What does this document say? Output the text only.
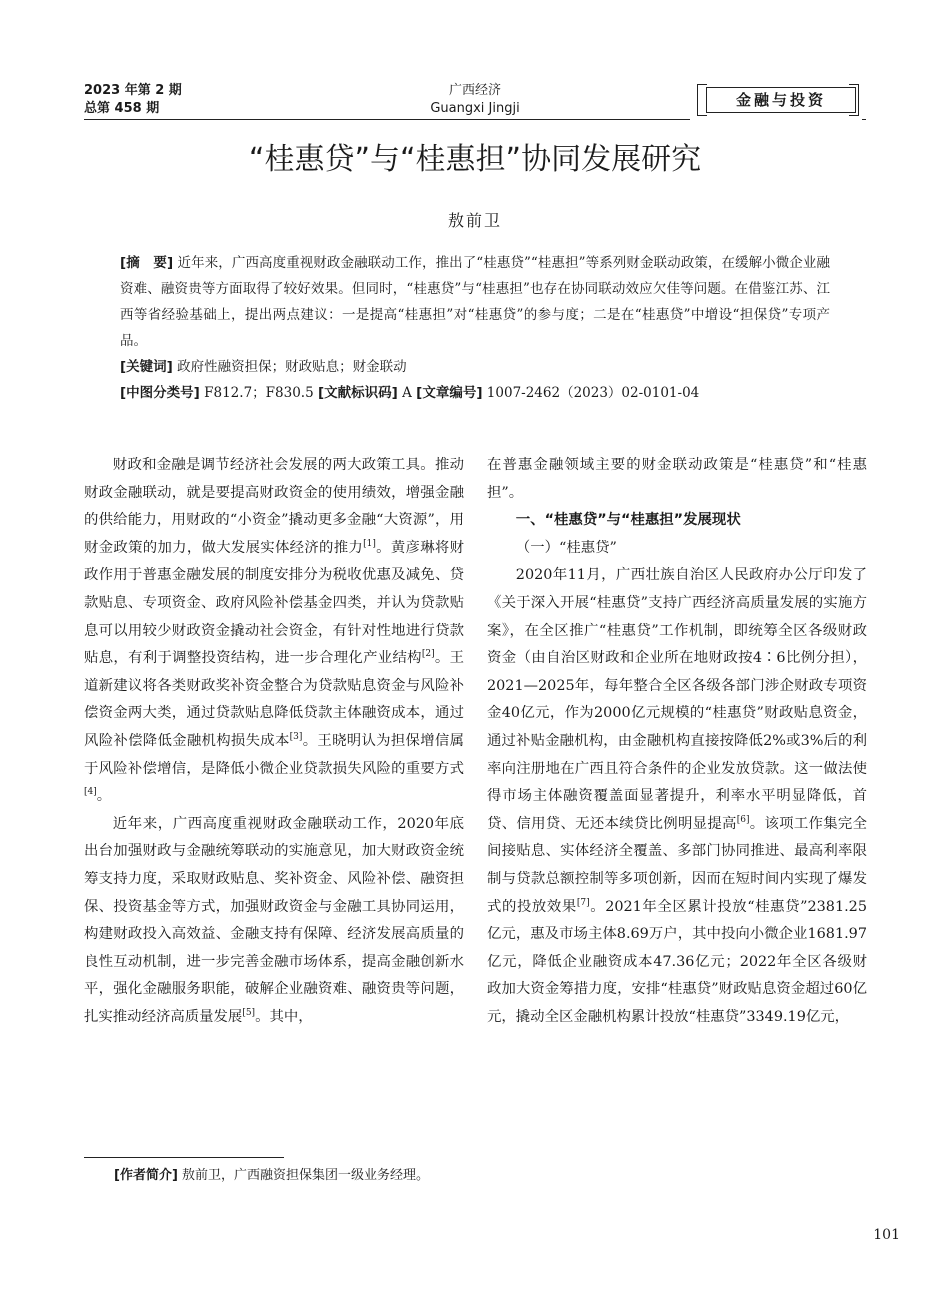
2023 年第 2 期
总第 458 期
广西经济
Guangxi Jingji	金融与投资
“桂惠贷”与“桂惠担”协同发展研究
敖前卫

[摘　要] 近年来，广西高度重视财政金融联动工作，推出了“桂惠贷”“桂惠担”等系列财金联动政策，在缓解小微企业融资难、融资贵等方面取得了较好效果。但同时，“桂惠贷”与“桂惠担”也存在协同联动效应欠佳等问题。在借鉴江苏、江西等省经验基础上，提出两点建议：一是提高“桂惠担”对“桂惠贷”的参与度；二是在“桂惠贷”中增设“担保贷”专项产品。

[关键词] 政府性融资担保；财政贴息；财金联动

[中图分类号] F812.7；F830.5 [文献标识码] A [文章编号] 1007-2462（2023）02-0101-04

财政和金融是调节经济社会发展的两大政策工具。推动财政金融联动，就是要提高财政资金的使用绩效，增强金融的供给能力，用财政的“小资金”撬动更多金融“大资源”，用财金政策的加力，做大发展实体经济的推力[1]。黄彦琳将财政作用于普惠金融发展的制度安排分为税收优惠及减免、贷款贴息、专项资金、政府风险补偿基金四类，并认为贷款贴息可以用较少财政资金撬动社会资金，有针对性地进行贷款贴息，有利于调整投资结构，进一步合理化产业结构[2]。王道新建议将各类财政奖补资金整合为贷款贴息资金与风险补偿资金两大类，通过贷款贴息降低贷款主体融资成本，通过风险补偿降低金融机构损失成本[3]。王晓明认为担保增信属于风险补偿增信，是降低小微企业贷款损失风险的重要方式[4]。

近年来，广西高度重视财政金融联动工作，2020年底出台加强财政与金融统筹联动的实施意见，加大财政资金统筹支持力度，采取财政贴息、奖补资金、风险补偿、融资担保、投资基金等方式，加强财政资金与金融工具协同运用，构建财政投入高效益、金融支持有保障、经济发展高质量的良性互动机制，进一步完善金融市场体系，提高金融创新水平，强化金融服务职能，破解企业融资难、融资贵等问题，扎实推动经济高质量发展[5]。其中，

在普惠金融领域主要的财金联动政策是“桂惠贷”和“桂惠担”。

一、“桂惠贷”与“桂惠担”发展现状

（一）“桂惠贷”

2020年11月，广西壮族自治区人民政府办公厅印发了《关于深入开展“桂惠贷”支持广西经济高质量发展的实施方案》，在全区推广“桂惠贷”工作机制，即统筹全区各级财政资金（由自治区财政和企业所在地财政按4∶6比例分担），2021—2025年，每年整合全区各级各部门涉企财政专项资金40亿元，作为2000亿元规模的“桂惠贷”财政贴息资金，通过补贴金融机构，由金融机构直接按降低2%或3%后的利率向注册地在广西且符合条件的企业发放贷款。这一做法使得市场主体融资覆盖面显著提升，利率水平明显降低，首贷、信用贷、无还本续贷比例明显提高[6]。该项工作集完全间接贴息、实体经济全覆盖、多部门协同推进、最高利率限制与贷款总额控制等多项创新，因而在短时间内实现了爆发式的投放效果[7]。2021年全区累计投放“桂惠贷”2381.25亿元，惠及市场主体8.69万户，其中投向小微企业1681.97亿元，降低企业融资成本47.36亿元；2022年全区各级财政加大资金筹措力度，安排“桂惠贷”财政贴息资金超过60亿元，撬动全区金融机构累计投放“桂惠贷”3349.19亿元，

[作者简介] 敖前卫，广西融资担保集团一级业务经理。
101
